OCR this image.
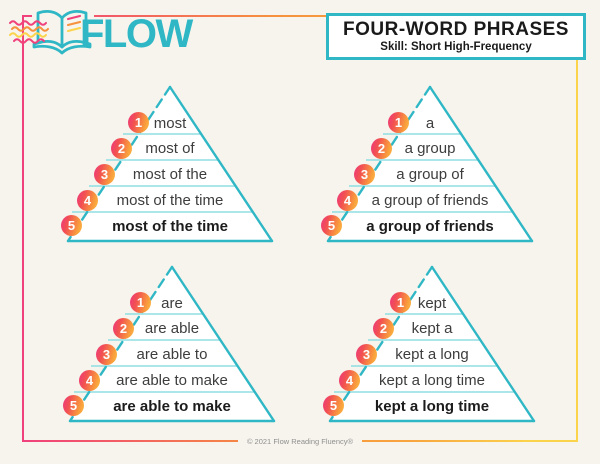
FLOW	FOUR-WORD PHRASES
Skill: Short High-Frequency
most
most of
most of the
most of the time
most of the time
1
2
3
4
5
a
a group
a group of
a group of friends
a group of friends
1
2
3
4
5
are
are able
are able to
are able to make
are able to make
1
2
3
4
5
kept
kept a
kept a long
kept a long time
kept a long time
1
2
3
4
5
© 2021 Flow Reading Fluency®
